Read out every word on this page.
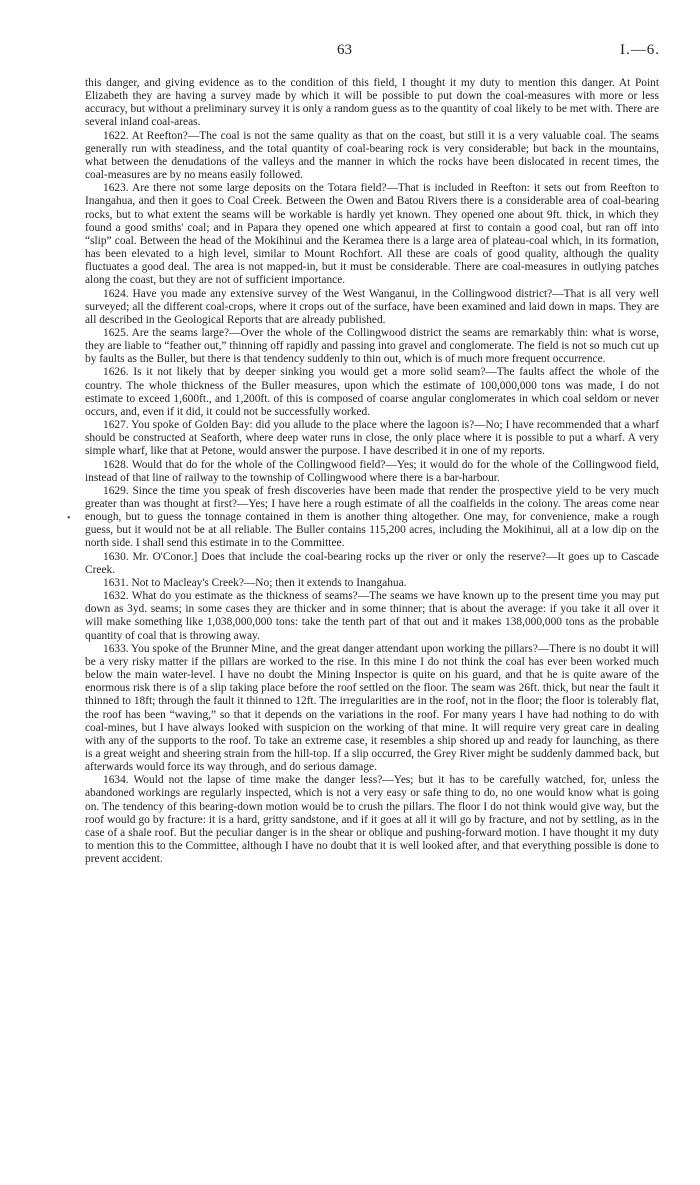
63	I.—6.
•

this danger, and giving evidence as to the condition of this field, I thought it my duty to mention this danger. At Point Elizabeth they are having a survey made by which it will be possible to put down the coal-measures with more or less accuracy, but without a preliminary survey it is only a random guess as to the quantity of coal likely to be met with. There are several inland coal-areas.

1622. At Reefton?—The coal is not the same quality as that on the coast, but still it is a very valuable coal. The seams generally run with steadiness, and the total quantity of coal-bearing rock is very considerable; but back in the mountains, what between the denudations of the valleys and the manner in which the rocks have been dislocated in recent times, the coal-measures are by no means easily followed.

1623. Are there not some large deposits on the Totara field?—That is included in Reefton: it sets out from Reefton to Inangahua, and then it goes to Coal Creek. Between the Owen and Batou Rivers there is a considerable area of coal-bearing rocks, but to what extent the seams will be workable is hardly yet known. They opened one about 9ft. thick, in which they found a good smiths' coal; and in Papara they opened one which appeared at first to contain a good coal, but ran off into “slip” coal. Between the head of the Mokihinui and the Keramea there is a large area of plateau-coal which, in its formation, has been elevated to a high level, similar to Mount Rochfort. All these are coals of good quality, although the quality fluctuates a good deal. The area is not mapped-in, but it must be considerable. There are coal-measures in outlying patches along the coast, but they are not of sufficient importance.

1624. Have you made any extensive survey of the West Wanganui, in the Collingwood district?—That is all very well surveyed; all the different coal-crops, where it crops out of the surface, have been examined and laid down in maps. They are all described in the Geological Reports that are already published.

1625. Are the seams large?—Over the whole of the Collingwood district the seams are remarkably thin: what is worse, they are liable to “feather out,” thinning off rapidly and passing into gravel and conglomerate. The field is not so much cut up by faults as the Buller, but there is that tendency suddenly to thin out, which is of much more frequent occurrence.

1626. Is it not likely that by deeper sinking you would get a more solid seam?—The faults affect the whole of the country. The whole thickness of the Buller measures, upon which the estimate of 100,000,000 tons was made, I do not estimate to exceed 1,600ft., and 1,200ft. of this is composed of coarse angular conglomerates in which coal seldom or never occurs, and, even if it did, it could not be successfully worked.

1627. You spoke of Golden Bay: did you allude to the place where the lagoon is?—No; I have recommended that a wharf should be constructed at Seaforth, where deep water runs in close, the only place where it is possible to put a wharf. A very simple wharf, like that at Petone, would answer the purpose. I have described it in one of my reports.

1628. Would that do for the whole of the Collingwood field?—Yes; it would do for the whole of the Collingwood field, instead of that line of railway to the township of Collingwood where there is a bar-harbour.

1629. Since the time you speak of fresh discoveries have been made that render the prospective yield to be very much greater than was thought at first?—Yes; I have here a rough estimate of all the coalfields in the colony. The areas come near enough, but to guess the tonnage contained in them is another thing altogether. One may, for convenience, make a rough guess, but it would not be at all reliable. The Buller contains 115,200 acres, including the Mokihinui, all at a low dip on the north side. I shall send this estimate in to the Committee.

1630. Mr. O'Conor.] Does that include the coal-bearing rocks up the river or only the reserve?—It goes up to Cascade Creek.

1631. Not to Macleay's Creek?—No; then it extends to Inangahua.

1632. What do you estimate as the thickness of seams?—The seams we have known up to the present time you may put down as 3yd. seams; in some cases they are thicker and in some thinner; that is about the average: if you take it all over it will make something like 1,038,000,000 tons: take the tenth part of that out and it makes 138,000,000 tons as the probable quantity of coal that is throwing away.

1633. You spoke of the Brunner Mine, and the great danger attendant upon working the pillars?—There is no doubt it will be a very risky matter if the pillars are worked to the rise. In this mine I do not think the coal has ever been worked much below the main water-level. I have no doubt the Mining Inspector is quite on his guard, and that he is quite aware of the enormous risk there is of a slip taking place before the roof settled on the floor. The seam was 26ft. thick, but near the fault it thinned to 18ft; through the fault it thinned to 12ft. The irregularities are in the roof, not in the floor; the floor is tolerably flat, the roof has been “waving,” so that it depends on the variations in the roof. For many years I have had nothing to do with coal-mines, but I have always looked with suspicion on the working of that mine. It will require very great care in dealing with any of the supports to the roof. To take an extreme case, it resembles a ship shored up and ready for launching, as there is a great weight and sheering strain from the hill-top. If a slip occurred, the Grey River might be suddenly dammed back, but afterwards would force its way through, and do serious damage.

1634. Would not the lapse of time make the danger less?—Yes; but it has to be carefully watched, for, unless the abandoned workings are regularly inspected, which is not a very easy or safe thing to do, no one would know what is going on. The tendency of this bearing-down motion would be to crush the pillars. The floor I do not think would give way, but the roof would go by fracture: it is a hard, gritty sandstone, and if it goes at all it will go by fracture, and not by settling, as in the case of a shale roof. But the peculiar danger is in the shear or oblique and pushing-forward motion. I have thought it my duty to mention this to the Committee, although I have no doubt that it is well looked after, and that everything possible is done to prevent accident.
